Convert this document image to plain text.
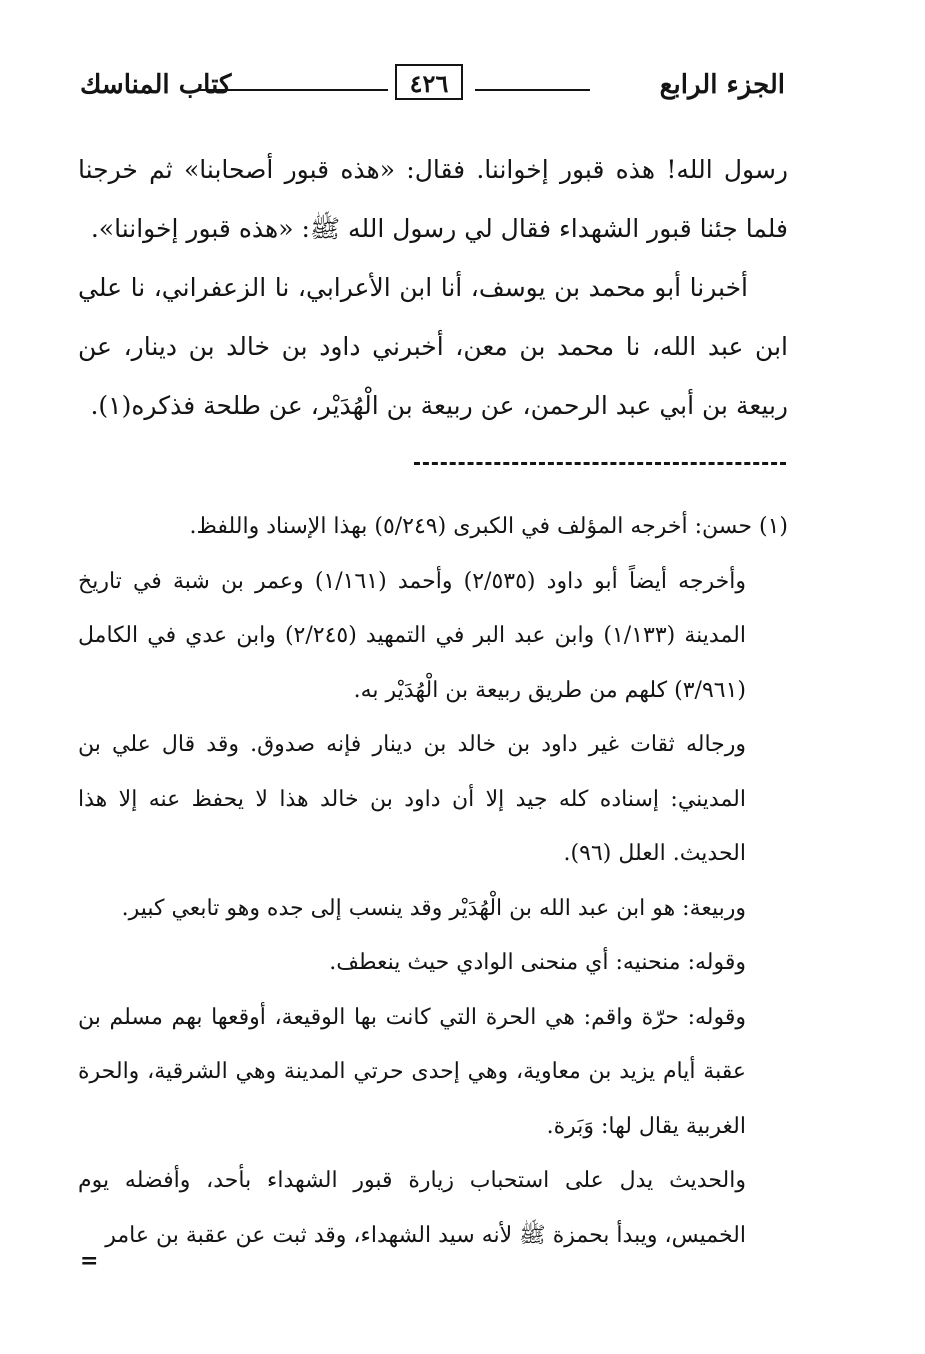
الجزء الرابع
٤٢٦
كتاب المناسك

رسول الله! هذه قبور إخواننا. فقال: «هذه قبور أصحابنا» ثم خرجنا فلما جئنا قبور الشهداء فقال لي رسول الله ﷺ: «هذه قبور إخواننا».

أخبرنا أبو محمد بن يوسف، أنا ابن الأعرابي، نا الزعفراني، نا علي ابن عبد الله، نا محمد بن معن، أخبرني داود بن خالد بن دينار، عن ربيعة بن أبي عبد الرحمن، عن ربيعة بن الْهُدَيْر، عن طلحة فذكره(١).

(١) حسن: أخرجه المؤلف في الكبرى (٥/٢٤٩) بهذا الإسناد واللفظ.

وأخرجه أيضاً أبو داود (٢/٥٣٥) وأحمد (١/١٦١) وعمر بن شبة في تاريخ المدينة (١/١٣٣) وابن عبد البر في التمهيد (٢/٢٤٥) وابن عدي في الكامل (٣/٩٦١) كلهم من طريق ربيعة بن الْهُدَيْر به.

ورجاله ثقات غير داود بن خالد بن دينار فإنه صدوق. وقد قال علي بن المديني: إسناده كله جيد إلا أن داود بن خالد هذا لا يحفظ عنه إلا هذا الحديث. العلل (٩٦).

وربيعة: هو ابن عبد الله بن الْهُدَيْر وقد ينسب إلى جده وهو تابعي كبير.

وقوله: منحنيه: أي منحنى الوادي حيث ينعطف.

وقوله: حرّة واقم: هي الحرة التي كانت بها الوقيعة، أوقعها بهم مسلم بن عقبة أيام يزيد بن معاوية، وهي إحدى حرتي المدينة وهي الشرقية، والحرة الغربية يقال لها: وَبَرة.

والحديث يدل على استحباب زيارة قبور الشهداء بأحد، وأفضله يوم الخميس، ويبدأ بحمزة ﷺ لأنه سيد الشهداء، وقد ثبت عن عقبة بن عامر

=
